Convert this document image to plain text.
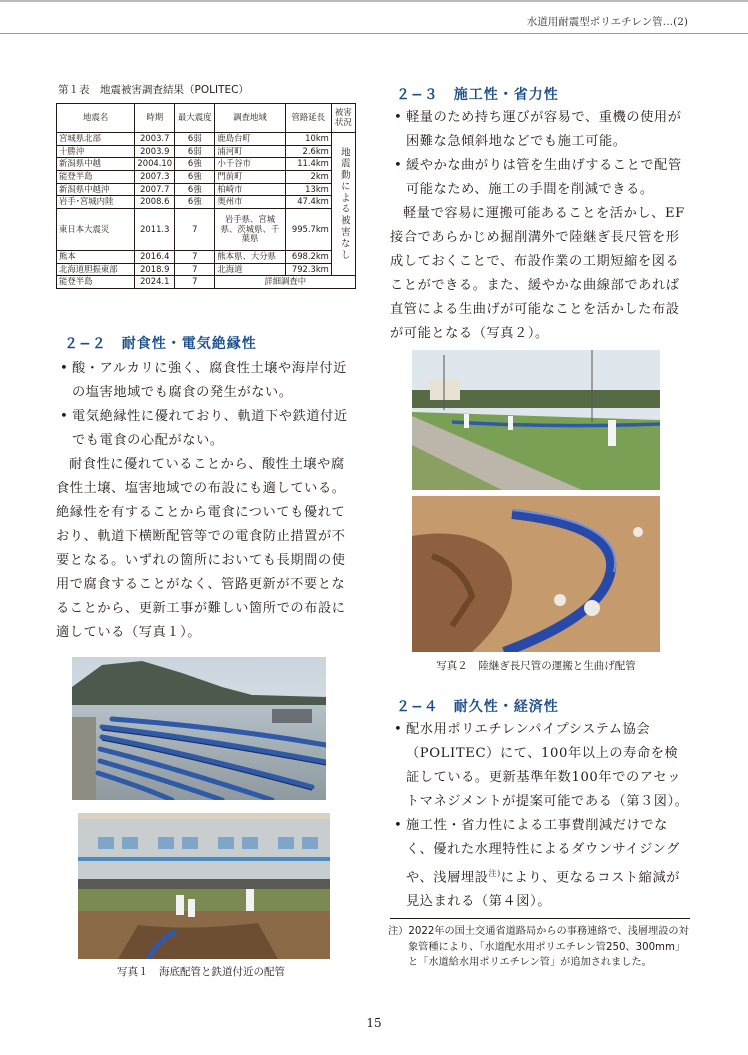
水道用耐震型ポリエチレン管…(2)
第１表　地震被害調査結果（POLITEC）
地震名	時期	最大震度	調査地域	管路延長	被害状況
宮城県北部	2003.7	6弱	鹿島台町	10km	地震動による被害なし
十勝沖	2003.9	6弱	浦河町	2.6km	
新潟県中越	2004.10	6強	小千谷市	11.4km	
能登半島	2007.3	6強	門前町	2km	
新潟県中越沖	2007.7	6強	柏崎市	13km	
岩手･宮城内陸	2008.6	6強	奥州市	47.4km	
東日本大震災	2011.3	7	岩手県、宮城県、茨城県、千葉県	995.7km	
熊本	2016.4	7	熊本県、大分県	698.2km	
北海道胆振東部	2018.9	7	北海道	792.3km	
能登半島	2024.1	7	詳細調査中		
２−２　耐食性・電気絶縁性
• 酸・アルカリに強く、腐食性土壌や海岸付近の塩害地域でも腐食の発生がない。
• 電気絶縁性に優れており、軌道下や鉄道付近でも電食の心配がない。
耐食性に優れていることから、酸性土壌や腐食性土壌、塩害地域での布設にも適している。絶縁性を有することから電食についても優れており、軌道下横断配管等での電食防止措置が不要となる。いずれの箇所においても長期間の使用で腐食することがなく、管路更新が不要となることから、更新工事が難しい箇所での布設に適している（写真１）。
写真１　海底配管と鉄道付近の配管
２−３　施工性・省力性
• 軽量のため持ち運びが容易で、重機の使用が困難な急傾斜地などでも施工可能。
• 緩やかな曲がりは管を生曲げすることで配管可能なため、施工の手間を削減できる。
軽量で容易に運搬可能あることを活かし、EF接合であらかじめ掘削溝外で陸継ぎ長尺管を形成しておくことで、布設作業の工期短縮を図ることができる。また、緩やかな曲線部であれば直管による生曲げが可能なことを活かした布設が可能となる（写真２）。
写真２　陸継ぎ長尺管の運搬と生曲げ配管
２−４　耐久性・経済性
• 配水用ポリエチレンパイプシステム協会（POLITEC）にて、100年以上の寿命を検証している。更新基準年数100年でのアセットマネジメントが提案可能である（第３図）。
• 施工性・省力性による工事費削減だけでなく、優れた水理特性によるダウンサイジングや、浅層埋設$^{注)}$により、更なるコスト縮減が見込まれる（第４図）。
注）2022年の国土交通省道路局からの事務連絡で、浅層埋設の対象管種により、「水道配水用ポリエチレン管250、300mm」と「水道給水用ポリエチレン管」が追加されました。
15
